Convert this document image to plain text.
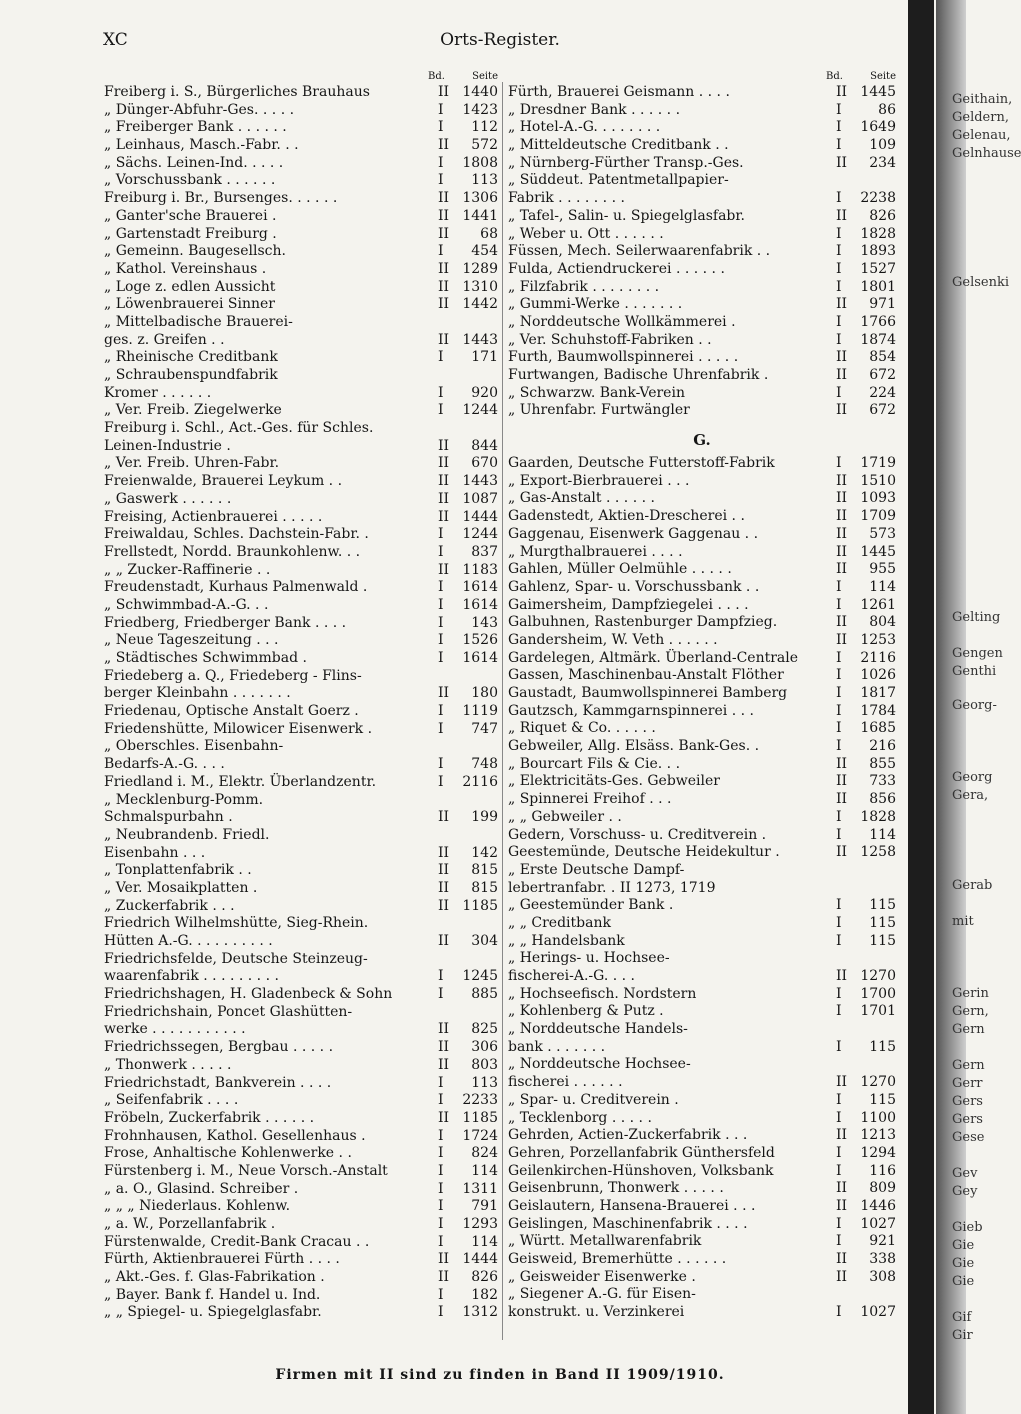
XC	Orts-Register.
Bd.	Seite
Freiberg i. S., Bürgerliches Brauhaus	II 1440
„ Dünger-Abfuhr-Ges. . . . .	I	1423
„ Freiberger Bank . . . . . .	I	112
„ Leinhaus, Masch.-Fabr. . .	II	572
„ Sächs. Leinen-Ind. . . . .	I	1808
„ Vorschussbank . . . . . .	I	113
Freiburg i. Br., Bursenges. . . . . .	II 1306
„ Ganter'sche Brauerei .	II 1441
„ Gartenstadt Freiburg .	II	68
„ Gemeinn. Baugesellsch.	I	454
„ Kathol. Vereinshaus .	II 1289
„ Loge z. edlen Aussicht	II 1310
„ Löwenbrauerei Sinner	II 1442
„ Mittelbadische Brauerei-
ges. z. Greifen . .	II 1443
„ Rheinische Creditbank	I	171
„ Schraubenspundfabrik
Kromer . . . . . .	I	920
„ Ver. Freib. Ziegelwerke	I	1244
Freiburg i. Schl., Act.-Ges. für Schles.
Leinen-Industrie .	II	844
„ Ver. Freib. Uhren-Fabr.	II	670
Freienwalde, Brauerei Leykum . .	II 1443
„ Gaswerk . . . . . .	II 1087
Freising, Actienbrauerei . . . . .	II 1444
Freiwaldau, Schles. Dachstein-Fabr. .	I	1244
Frellstedt, Nordd. Braunkohlenw. . .	I	837
„ „ Zucker-Raffinerie . .	II 1183
Freudenstadt, Kurhaus Palmenwald .	I	1614
„ Schwimmbad-A.-G. . .	I	1614
Friedberg, Friedberger Bank . . . .	I	143
„ Neue Tageszeitung . . .	I	1526
„ Städtisches Schwimmbad .	I	1614
Friedeberg a. Q., Friedeberg - Flins-
berger Kleinbahn . . . . . . .	II	180
Friedenau, Optische Anstalt Goerz .	I	1119
Friedenshütte, Milowicer Eisenwerk .	I	747
„ Oberschles. Eisenbahn-
Bedarfs-A.-G. . . .	I	748
Friedland i. M., Elektr. Überlandzentr.	I	2116
„ Mecklenburg-Pomm.
Schmalspurbahn .	II	199
„ Neubrandenb. Friedl.
Eisenbahn . . .	II	142
„ Tonplattenfabrik . .	II	815
„ Ver. Mosaikplatten .	II	815
„ Zuckerfabrik . . .	II 1185
Friedrich Wilhelmshütte, Sieg-Rhein.
Hütten A.-G. . . . . . . . . .	II	304
Friedrichsfelde, Deutsche Steinzeug-
waarenfabrik . . . . . . . . .	I	1245
Friedrichshagen, H. Gladenbeck & Sohn	I	885
Friedrichshain, Poncet Glashütten-
werke . . . . . . . . . . .	II	825
Friedrichssegen, Bergbau . . . . .	II	306
„ Thonwerk . . . . .	II	803
Friedrichstadt, Bankverein . . . .	I	113
„ Seifenfabrik . . . .	I	2233
Fröbeln, Zuckerfabrik . . . . . .	II 1185
Frohnhausen, Kathol. Gesellenhaus .	I	1724
Frose, Anhaltische Kohlenwerke . .	I	824
Fürstenberg i. M., Neue Vorsch.-Anstalt	I	114
„ a. O., Glasind. Schreiber .	I	1311
„ „ „ Niederlaus. Kohlenw.	I	791
„ a. W., Porzellanfabrik .	I	1293
Fürstenwalde, Credit-Bank Cracau . .	I	114
Fürth, Aktienbrauerei Fürth . . . .	II 1444
„ Akt.-Ges. f. Glas-Fabrikation .	II	826
„ Bayer. Bank f. Handel u. Ind.	I	182
„ „ Spiegel- u. Spiegelglasfabr.	I	1312
Bd.	Seite
Fürth, Brauerei Geismann . . . .	II 1445
„ Dresdner Bank . . . . . .	I	86
„ Hotel-A.-G. . . . . . . .	I	1649
„ Mitteldeutsche Creditbank . .	I	109
„ Nürnberg-Fürther Transp.-Ges.	II	234
„ Süddeut. Patentmetallpapier-
Fabrik . . . . . . . .	I	2238
„ Tafel-, Salin- u. Spiegelglasfabr.	II	826
„ Weber u. Ott . . . . . .	I	1828
Füssen, Mech. Seilerwaarenfabrik . .	I	1893
Fulda, Actiendruckerei . . . . . .	I	1527
„ Filzfabrik . . . . . . . .	I	1801
„ Gummi-Werke . . . . . . .	II	971
„ Norddeutsche Wollkämmerei .	I	1766
„ Ver. Schuhstoff-Fabriken . .	I	1874
Furth, Baumwollspinnerei . . . . .	II	854
Furtwangen, Badische Uhrenfabrik .	II	672
„ Schwarzw. Bank-Verein	I	224
„ Uhrenfabr. Furtwängler	II	672
G.
Gaarden, Deutsche Futterstoff-Fabrik	I	1719
„ Export-Bierbrauerei . . .	II 1510
„ Gas-Anstalt . . . . . .	II 1093
Gadenstedt, Aktien-Drescherei . .	II 1709
Gaggenau, Eisenwerk Gaggenau . .	II	573
„ Murgthalbrauerei . . . .	II 1445
Gahlen, Müller Oelmühle . . . . .	II	955
Gahlenz, Spar- u. Vorschussbank . .	I	114
Gaimersheim, Dampfziegelei . . . .	I	1261
Galbuhnen, Rastenburger Dampfzieg.	II	804
Gandersheim, W. Veth . . . . . .	II 1253
Gardelegen, Altmärk. Überland-Centrale	I	2116
Gassen, Maschinenbau-Anstalt Flöther	I	1026
Gaustadt, Baumwollspinnerei Bamberg	I	1817
Gautzsch, Kammgarnspinnerei . . .	I	1784
„ Riquet & Co. . . . . .	I	1685
Gebweiler, Allg. Elsäss. Bank-Ges. .	I	216
„ Bourcart Fils & Cie. . .	II	855
„ Elektricitäts-Ges. Gebweiler	II	733
„ Spinnerei Freihof . . .	II	856
„ „ Gebweiler . .	I	1828
Gedern, Vorschuss- u. Creditverein .	I	114
Geestemünde, Deutsche Heidekultur .	II 1258
„ Erste Deutsche Dampf-
lebertranfabr. . II 1273, 1719
„ Geestemünder Bank .	I	115
„ „ Creditbank	I	115
„ „ Handelsbank	I	115
„ Herings- u. Hochsee-
fischerei-A.-G. . . .	II 1270
„ Hochseefisch. Nordstern	I	1700
„ Kohlenberg & Putz .	I	1701
„ Norddeutsche Handels-
bank . . . . . . .	I	115
„ Norddeutsche Hochsee-
fischerei . . . . . .	II 1270
„ Spar- u. Creditverein .	I	115
„ Tecklenborg . . . . .	I	1100
Gehrden, Actien-Zuckerfabrik . . .	II 1213
Gehren, Porzellanfabrik Günthersfeld	I	1294
Geilenkirchen-Hünshoven, Volksbank	I	116
Geisenbrunn, Thonwerk . . . . .	II	809
Geislautern, Hansena-Brauerei . . .	II 1446
Geislingen, Maschinenfabrik . . . .	I	1027
„ Württ. Metallwarenfabrik	I	921
Geisweid, Bremerhütte . . . . . .	II	338
„ Geisweider Eisenwerke .	II	308
„ Siegener A.-G. für Eisen-
konstrukt. u. Verzinkerei	I	1027
Firmen mit II sind zu finden in Band II 1909/1910.
Geithain,
Geldern,
Gelenau,
Gelnhause
Gelsenki
Gelting
Gengen
Genthi
Georg-
Georg
Gera,
Gerab
mit
Gerin
Gern,
Gern
Gern
Gerr
Gers
Gers
Gese
Gev
Gey
Gieb
Gie
Gie
Gie
Gif
Gir
